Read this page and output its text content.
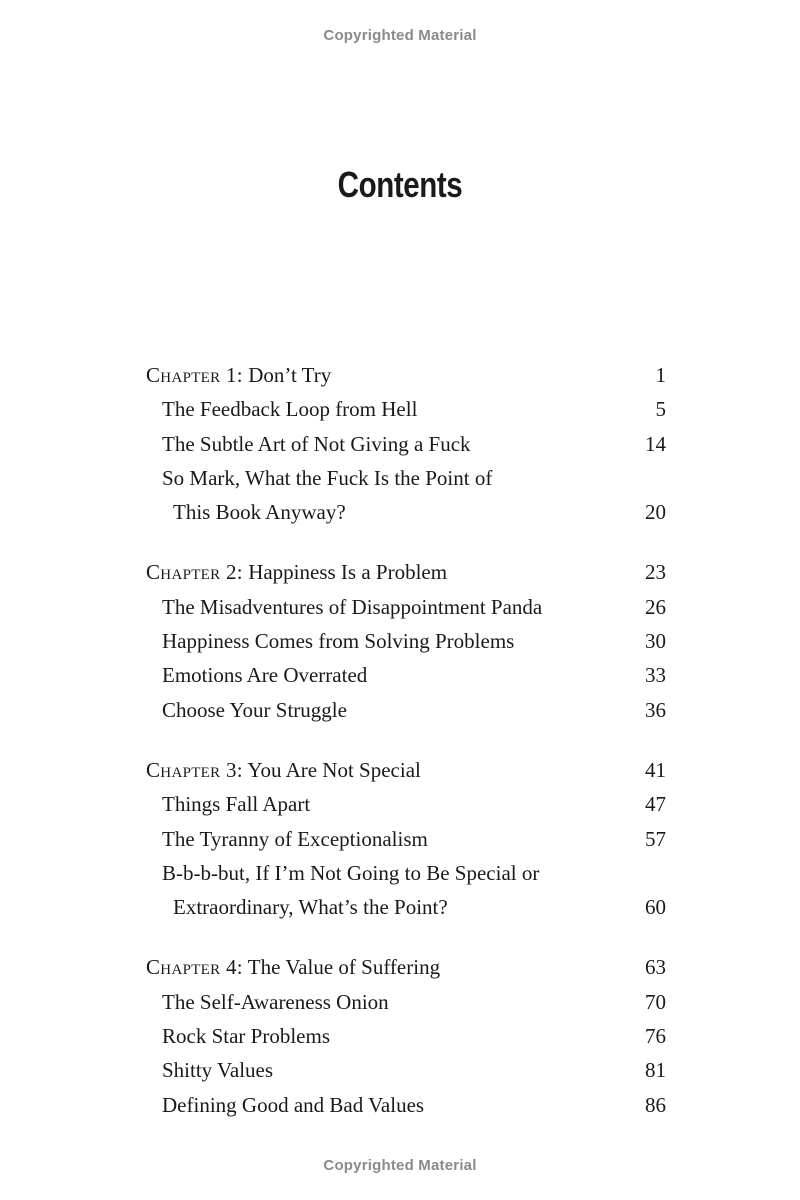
Copyrighted Material
Contents
Chapter 1: Don’t Try	1
The Feedback Loop from Hell	5
The Subtle Art of Not Giving a Fuck	14
So Mark, What the Fuck Is the Point of
This Book Anyway?	20
Chapter 2: Happiness Is a Problem	23
The Misadventures of Disappointment Panda	26
Happiness Comes from Solving Problems	30
Emotions Are Overrated	33
Choose Your Struggle	36
Chapter 3: You Are Not Special	41
Things Fall Apart	47
The Tyranny of Exceptionalism	57
B-b-b-but, If I’m Not Going to Be Special or
Extraordinary, What’s the Point?	60
Chapter 4: The Value of Suffering	63
The Self-Awareness Onion	70
Rock Star Problems	76
Shitty Values	81
Defining Good and Bad Values	86
Copyrighted Material
